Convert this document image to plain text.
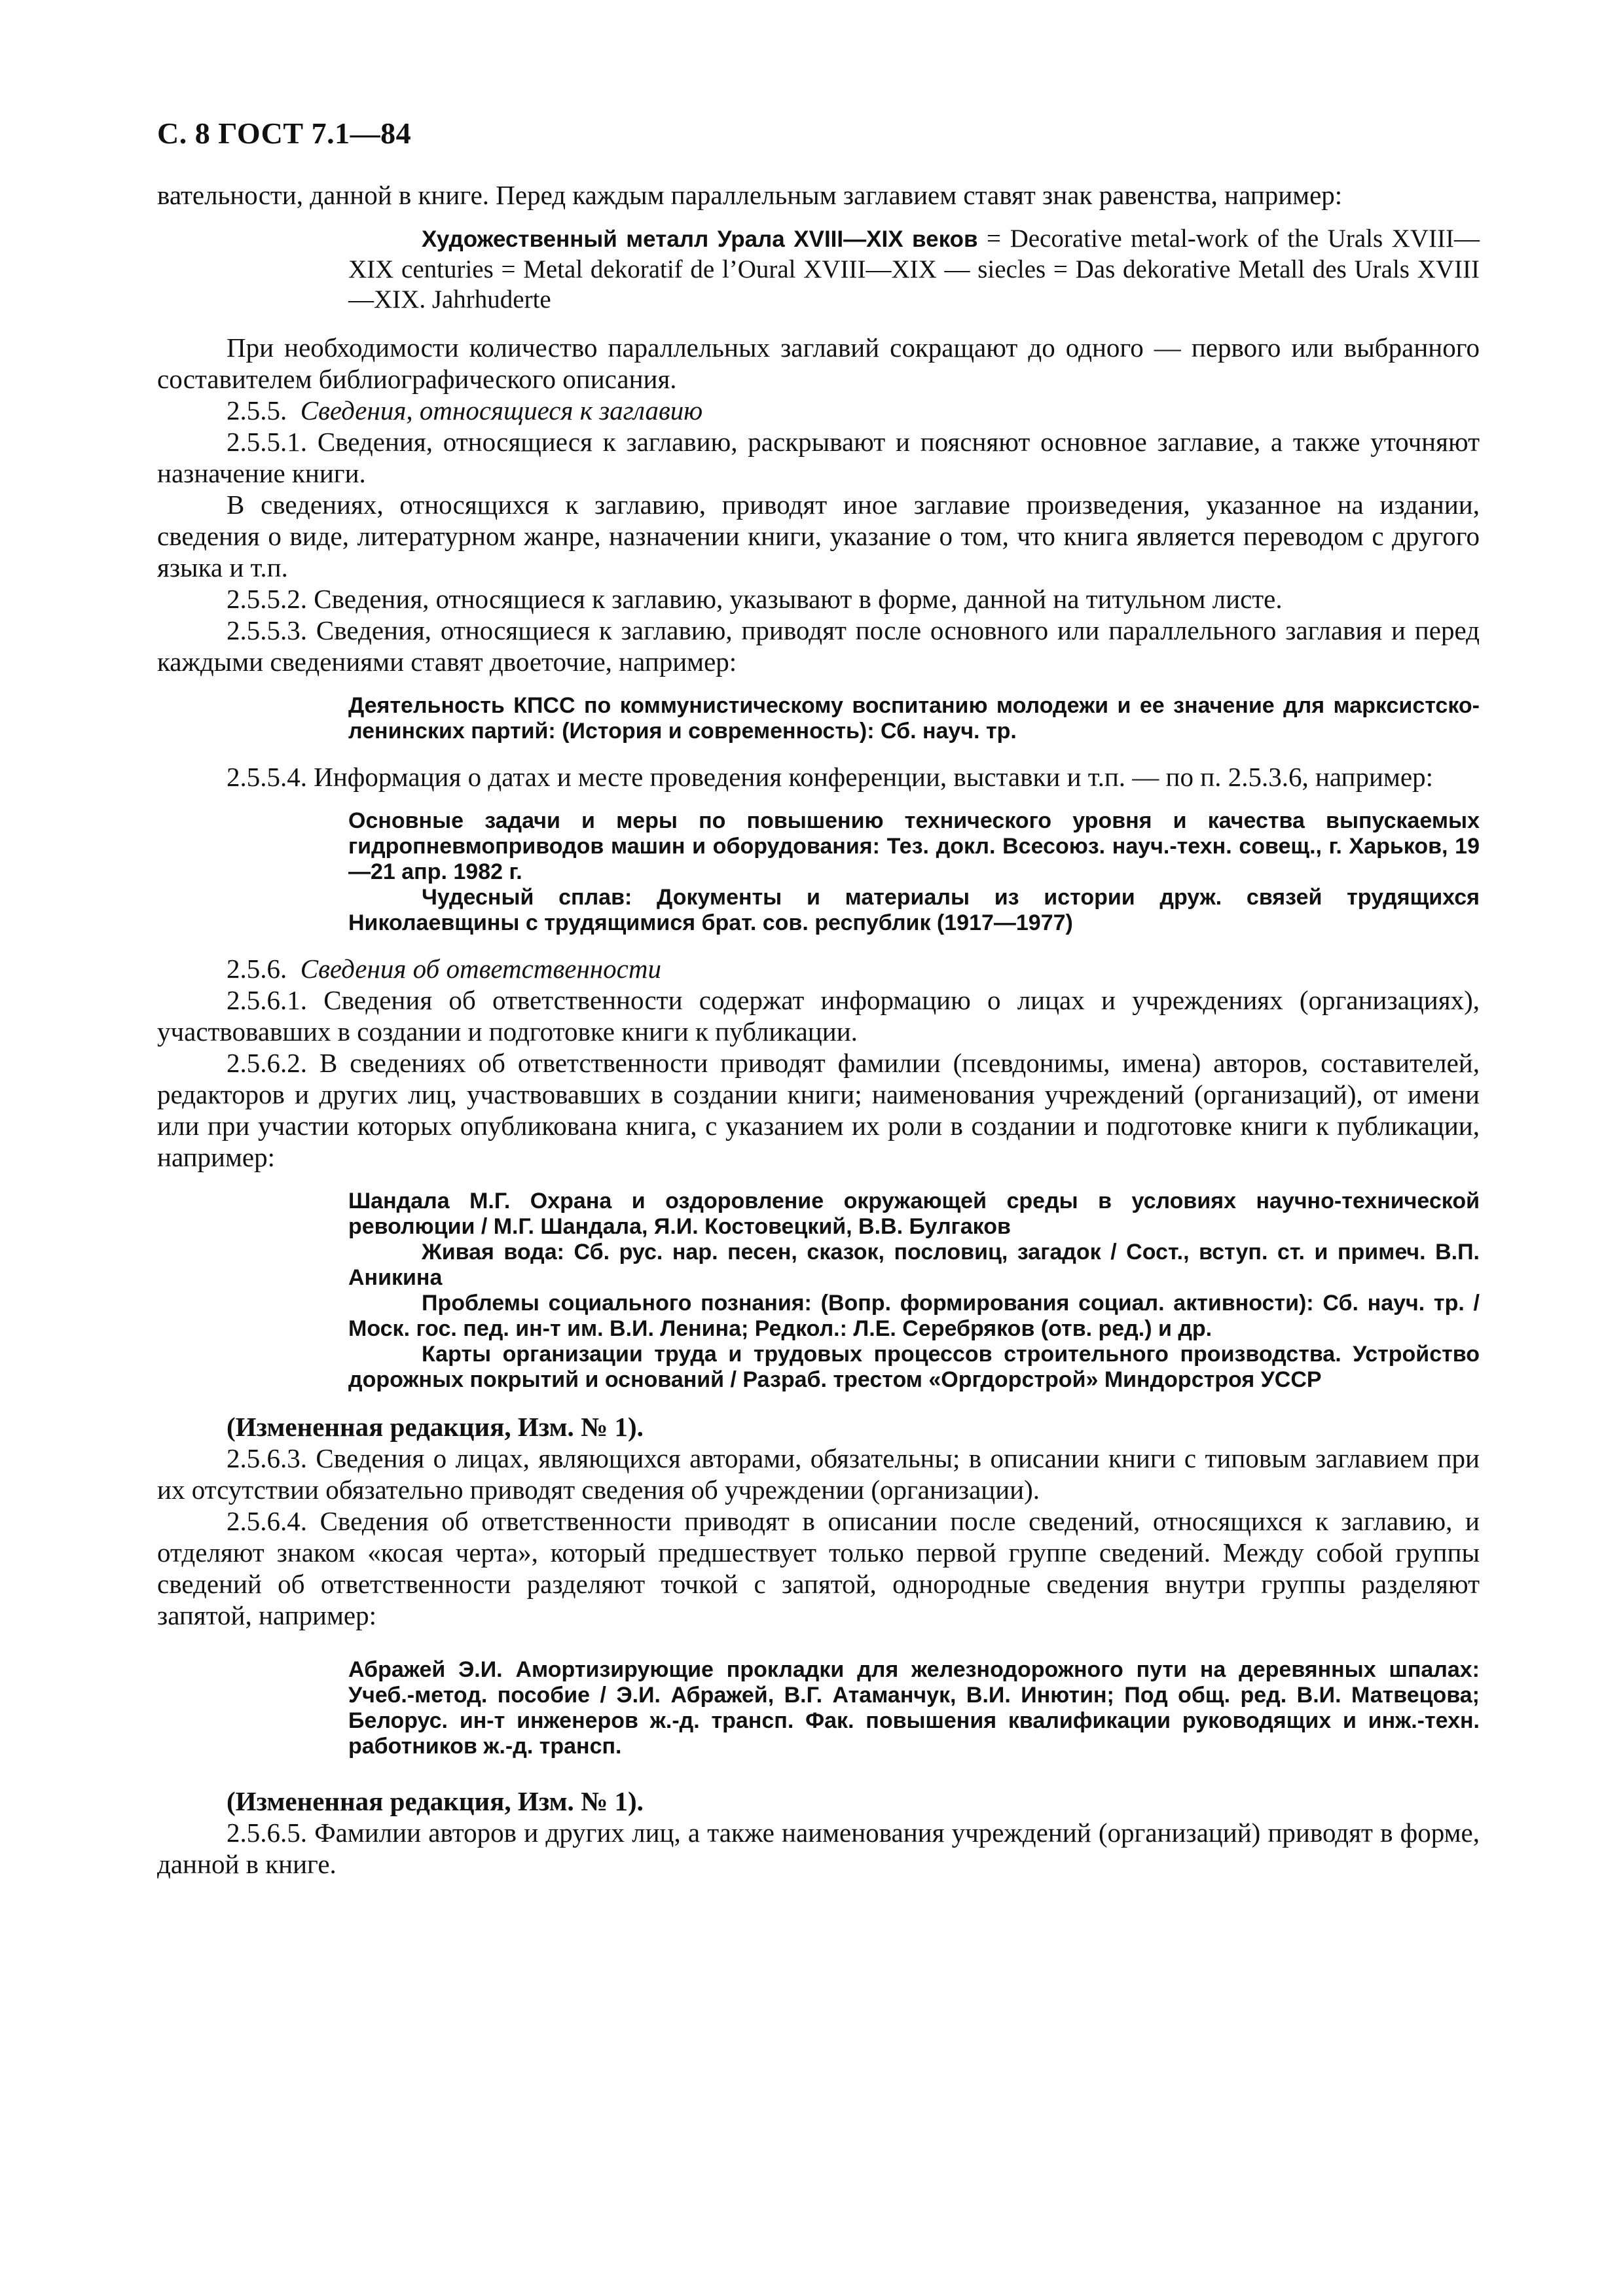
С. 8 ГОСТ 7.1—84

вательности, данной в книге. Перед каждым параллельным заглавием ставят знак равенства, например:

Художественный металл Урала XVIII—XIX веков = Decorative metal-work of the Urals XVIII—XIX centuries = Metal dekoratif de l’Oural XVIII—XIX — siecles = Das dekorative Metall des Urals XVIII—XIX. Jahrhuderte

При необходимости количество параллельных заглавий сокращают до одного — первого или выбранного составителем библиографического описания.

2.5.5. Сведения, относящиеся к заглавию

2.5.5.1. Сведения, относящиеся к заглавию, раскрывают и поясняют основное заглавие, а также уточняют назначение книги.

В сведениях, относящихся к заглавию, приводят иное заглавие произведения, указанное на издании, сведения о виде, литературном жанре, назначении книги, указание о том, что книга является переводом с другого языка и т.п.

2.5.5.2. Сведения, относящиеся к заглавию, указывают в форме, данной на титульном листе.

2.5.5.3. Сведения, относящиеся к заглавию, приводят после основного или параллельного заглавия и перед каждыми сведениями ставят двоеточие, например:

Деятельность КПСС по коммунистическому воспитанию молодежи и ее значение для марксистско-ленинских партий: (История и современность): Сб. науч. тр.

2.5.5.4. Информация о датах и месте проведения конференции, выставки и т.п. — по п. 2.5.3.6, например:

Основные задачи и меры по повышению технического уровня и качества выпускаемых гидропневмоприводов машин и оборудования: Тез. докл. Всесоюз. науч.-техн. совещ., г. Харьков, 19—21 апр. 1982 г.

Чудесный сплав: Документы и материалы из истории друж. связей трудящихся Николаевщины с трудящимися брат. сов. республик (1917—1977)

2.5.6. Сведения об ответственности

2.5.6.1. Сведения об ответственности содержат информацию о лицах и учреждениях (организациях), участвовавших в создании и подготовке книги к публикации.

2.5.6.2. В сведениях об ответственности приводят фамилии (псевдонимы, имена) авторов, составителей, редакторов и других лиц, участвовавших в создании книги; наименования учреждений (организаций), от имени или при участии которых опубликована книга, с указанием их роли в создании и подготовке книги к публикации, например:

Шандала М.Г. Охрана и оздоровление окружающей среды в условиях научно-технической революции / М.Г. Шандала, Я.И. Костовецкий, В.В. Булгаков

Живая вода: Сб. рус. нар. песен, сказок, пословиц, загадок / Сост., вступ. ст. и примеч. В.П. Аникина

Проблемы социального познания: (Вопр. формирования социал. активности): Сб. науч. тр. / Моск. гос. пед. ин-т им. В.И. Ленина; Редкол.: Л.Е. Серебряков (отв. ред.) и др.

Карты организации труда и трудовых процессов строительного производства. Устройство дорожных покрытий и оснований / Разраб. трестом «Оргдорстрой» Миндорстроя УССР

(Измененная редакция, Изм. № 1).

2.5.6.3. Сведения о лицах, являющихся авторами, обязательны; в описании книги с типовым заглавием при их отсутствии обязательно приводят сведения об учреждении (организации).

2.5.6.4. Сведения об ответственности приводят в описании после сведений, относящихся к заглавию, и отделяют знаком «косая черта», который предшествует только первой группе сведений. Между собой группы сведений об ответственности разделяют точкой с запятой, однородные сведения внутри группы разделяют запятой, например:

Абражей Э.И. Амортизирующие прокладки для железнодорожного пути на деревянных шпалах: Учеб.-метод. пособие / Э.И. Абражей, В.Г. Атаманчук, В.И. Инютин; Под общ. ред. В.И. Матвецова; Белорус. ин-т инженеров ж.-д. трансп. Фак. повышения квалификации руководящих и инж.-техн. работников ж.-д. трансп.

(Измененная редакция, Изм. № 1).

2.5.6.5. Фамилии авторов и других лиц, а также наименования учреждений (организаций) приводят в форме, данной в книге.
